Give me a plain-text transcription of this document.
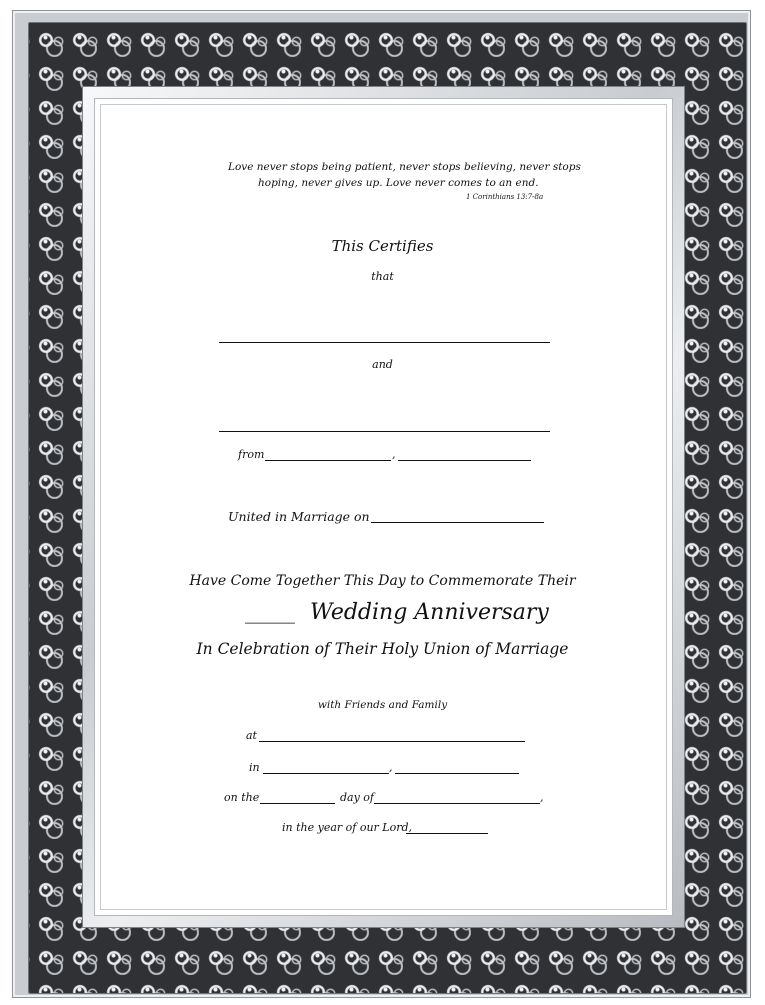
Love never stops being patient, never stops believing, never stops
hoping, never gives up. Love never comes to an end.
1 Corinthians 13:7-8a
This Certifies
that
and
from	,
United in Marriage on
Have Come Together This Day to Commemorate Their
_____ Wedding Anniversary
In Celebration of Their Holy Union of Marriage
with Friends and Family
at
in	,
on the	day of	,
in the year of our Lord,
